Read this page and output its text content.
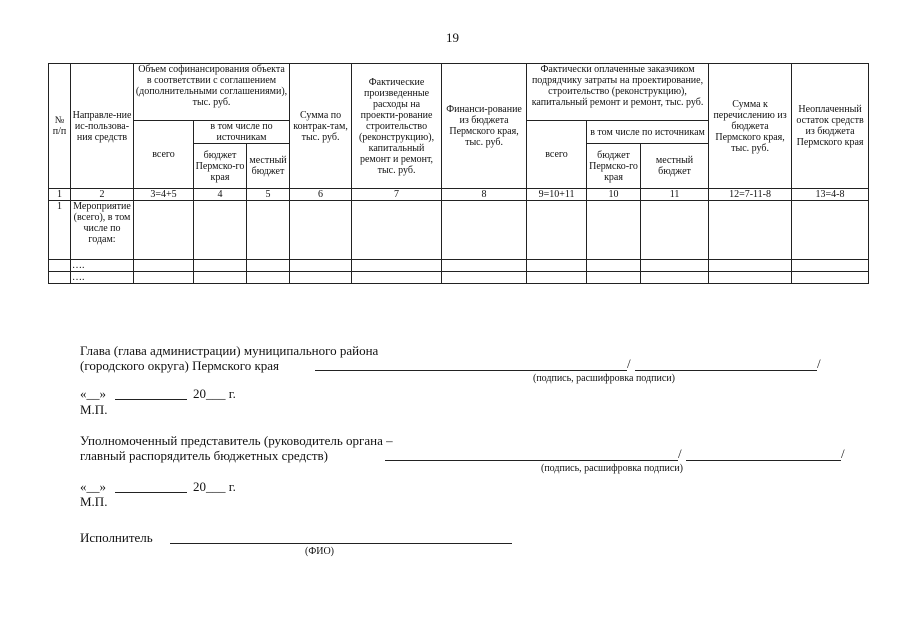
19
№ п/п	Направле-ние ис-пользова-ния средств	Объем софинансирования объекта в соответствии с соглашением (дополнительными соглашениями), тыс. руб.			Сумма по контрак-там, тыс. руб.	Фактические произведенные расходы на проекти-рование строительство (реконструкцию), капитальный ремонт и ремонт, тыс. руб.	Финанси-рование из бюджета Пермского края, тыс. руб.	Фактически оплаченные заказчиком подрядчику затраты на проектирование, строительство (реконструкцию), капитальный ремонт и ремонт, тыс. руб.			Сумма к перечислению из бюджета Пермского края, тыс. руб.	Неоплаченный остаток средств из бюджета Пермского края
		всего	в том числе по источникам					всего	в том числе по источникам			
			бюджет Пермско-го края	местный бюджет					бюджет Пермско-го края	местный бюджет		
1	2	3=4+5	4	5	6	7	8	9=10+11	10	11	12=7-11-8	13=4-8
1	Мероприятие (всего), в том числе по годам:											
	….											
	….											
Глава (глава администрации) муниципального района
(городского округа) Пермского края	/	/
(подпись, расшифровка подписи)
«__»	20___ г.
М.П.
Уполномоченный представитель (руководитель органа –
главный распорядитель бюджетных средств)	/	/
(подпись, расшифровка подписи)
«__»	20___ г.
М.П.
Исполнитель
(ФИО)
